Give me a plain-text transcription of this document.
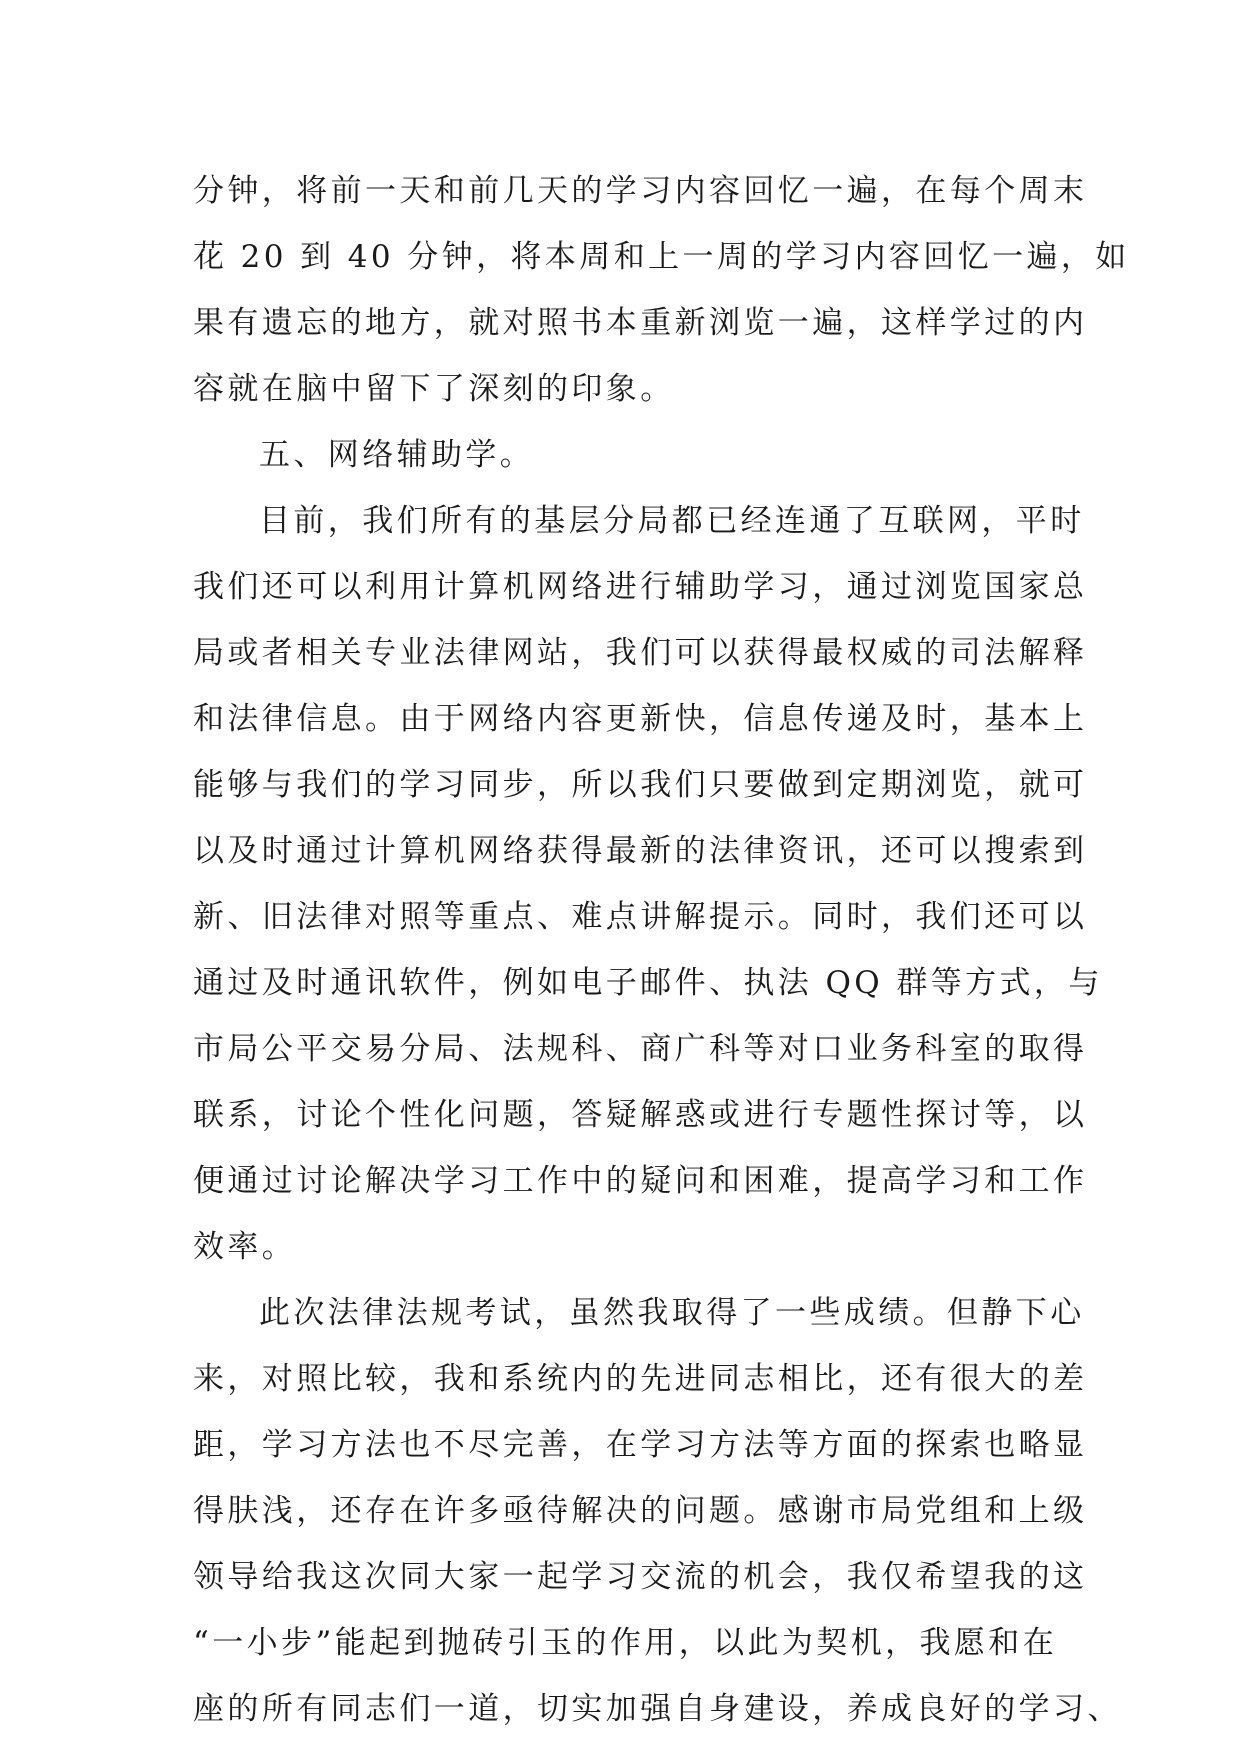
分钟，将前一天和前几天的学习内容回忆一遍，在每个周末
花 20 到 40 分钟，将本周和上一周的学习内容回忆一遍，如
果有遗忘的地方，就对照书本重新浏览一遍，这样学过的内
容就在脑中留下了深刻的印象。
五、网络辅助学。
目前，我们所有的基层分局都已经连通了互联网，平时
我们还可以利用计算机网络进行辅助学习，通过浏览国家总
局或者相关专业法律网站，我们可以获得最权威的司法解释
和法律信息。由于网络内容更新快，信息传递及时，基本上
能够与我们的学习同步，所以我们只要做到定期浏览，就可
以及时通过计算机网络获得最新的法律资讯，还可以搜索到
新、旧法律对照等重点、难点讲解提示。同时，我们还可以
通过及时通讯软件，例如电子邮件、执法 QQ 群等方式，与
市局公平交易分局、法规科、商广科等对口业务科室的取得
联系，讨论个性化问题，答疑解惑或进行专题性探讨等，以
便通过讨论解决学习工作中的疑问和困难，提高学习和工作
效率。
此次法律法规考试，虽然我取得了一些成绩。但静下心
来，对照比较，我和系统内的先进同志相比，还有很大的差
距，学习方法也不尽完善，在学习方法等方面的探索也略显
得肤浅，还存在许多亟待解决的问题。感谢市局党组和上级
领导给我这次同大家一起学习交流的机会，我仅希望我的这
“一小步”能起到抛砖引玉的作用，以此为契机，我愿和在
座的所有同志们一道，切实加强自身建设，养成良好的学习、
